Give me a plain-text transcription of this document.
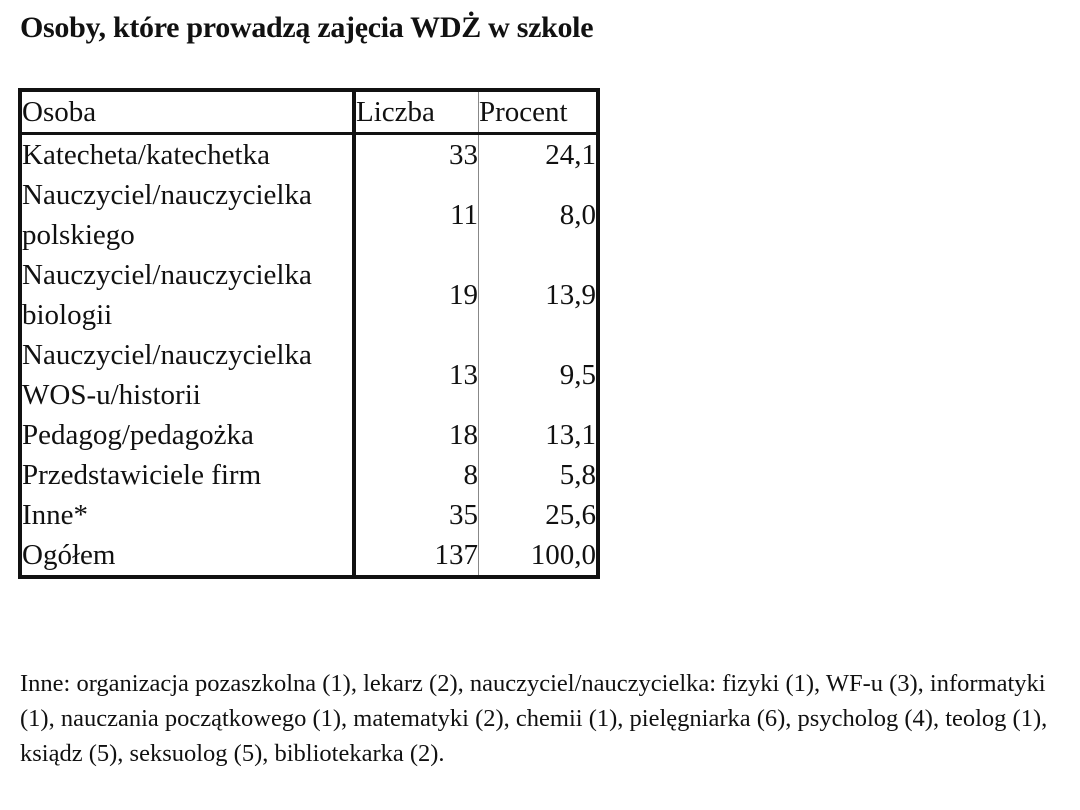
Osoby, które prowadzą zajęcia WDŻ w szkole
Osoba	Liczba	Procent
Katecheta/katechetka	33	24,1
Nauczyciel/nauczycielka polskiego	11	8,0
Nauczyciel/nauczycielka biologii	19	13,9
Nauczyciel/nauczycielka WOS-u/historii	13	9,5
Pedagog/pedagożka	18	13,1
Przedstawiciele firm	8	5,8
Inne*	35	25,6
Ogółem	137	100,0
Inne: organizacja pozaszkolna (1), lekarz (2), nauczyciel/nauczycielka: fizyki (1), WF-u (3), informatyki (1), nauczania początkowego (1), matematyki (2), chemii (1), pielęgniarka (6), psycholog (4), teolog (1), ksiądz (5), seksuolog (5), bibliotekarka (2).
